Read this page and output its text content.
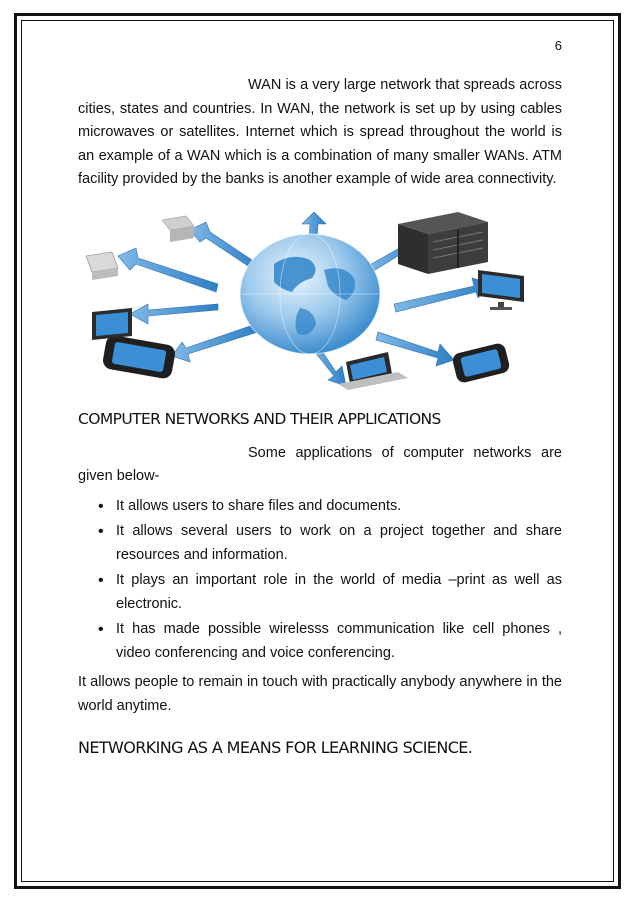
6

WAN is a very large network that spreads across cities, states and countries. In WAN, the network is set up by using cables microwaves or satellites. Internet which is spread throughout the world is an example of a WAN which is a combination of many smaller WANs. ATM facility provided by the banks is another example of wide area connectivity.

COMPUTER NETWORKS AND THEIR APPLICATIONS

Some applications of computer networks are given below-

• It allows users to share files and documents.
• It allows several users to work on a project together and share resources and information.
• It plays an important role in the world of media –print as well as electronic.
• It has made possible wirelesss communication like cell phones , video conferencing and voice conferencing.

It allows people to remain in touch with practically anybody anywhere in the world anytime.

NETWORKING AS A MEANS FOR LEARNING SCIENCE.
